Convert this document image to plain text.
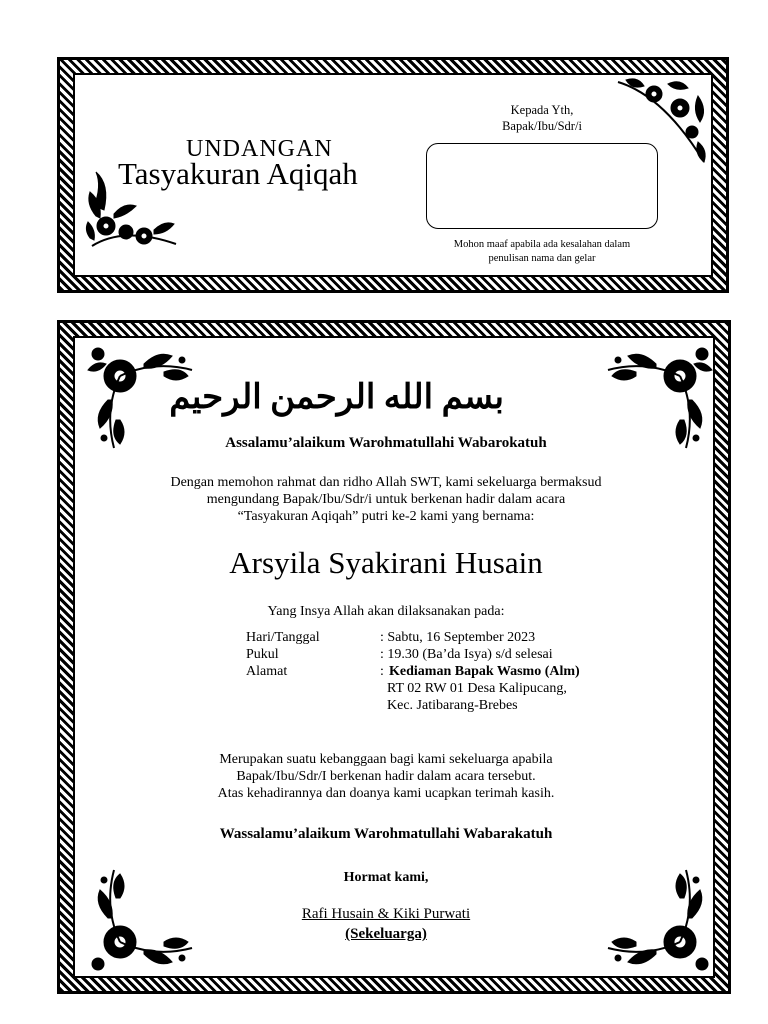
UNDANGAN
Tasyakuran Aqiqah
Kepada Yth,
Bapak/Ibu/Sdr/i
Mohon maaf apabila ada kesalahan dalam
penulisan nama dan gelar
بسم الله الرحمن الرحيم
Assalamu’alaikum Warohmatullahi Wabarokatuh
Dengan memohon rahmat dan ridho Allah SWT, kami sekeluarga bermaksud
mengundang Bapak/Ibu/Sdr/i untuk berkenan hadir dalam acara
“Tasyakuran Aqiqah” putri ke-2 kami yang bernama:
Arsyila Syakirani Husain
Yang Insya Allah akan dilaksanakan pada:
Hari/Tanggal	: Sabtu, 16 September 2023
Pukul	: 19.30 (Ba’da Isya) s/d selesai
Alamat	: Kediaman Bapak Wasmo (Alm)
RT 02 RW 01 Desa Kalipucang,
Kec. Jatibarang-Brebes
Merupakan suatu kebanggaan bagi kami sekeluarga apabila
Bapak/Ibu/Sdr/I berkenan hadir dalam acara tersebut.
Atas kehadirannya dan doanya kami ucapkan terimah kasih.
Wassalamu’alaikum Warohmatullahi Wabarakatuh
Hormat kami,
Rafi Husain & Kiki Purwati
(Sekeluarga)
